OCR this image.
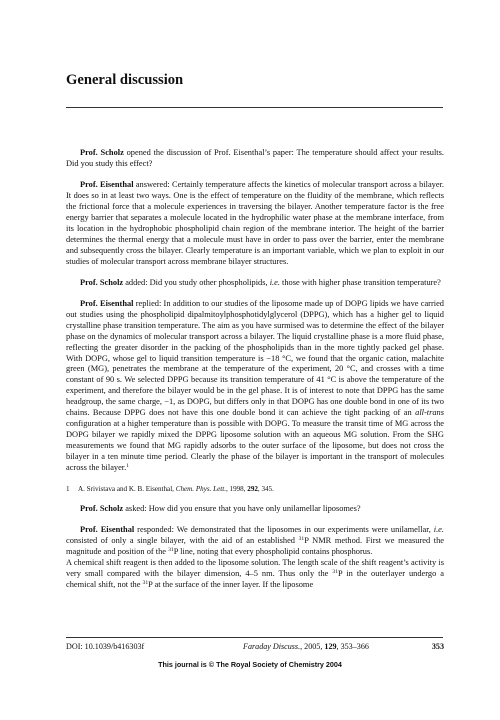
General discussion

Prof. Scholz opened the discussion of Prof. Eisenthal’s paper: The temperature should affect your results. Did you study this effect?

Prof. Eisenthal answered: Certainly temperature affects the kinetics of molecular transport across a bilayer. It does so in at least two ways. One is the effect of temperature on the fluidity of the membrane, which reflects the frictional force that a molecule experiences in traversing the bilayer. Another temperature factor is the free energy barrier that separates a molecule located in the hydrophilic water phase at the membrane interface, from its location in the hydrophobic phospholipid chain region of the membrane interior. The height of the barrier determines the thermal energy that a molecule must have in order to pass over the barrier, enter the membrane and subsequently cross the bilayer. Clearly temperature is an important variable, which we plan to exploit in our studies of molecular transport across membrane bilayer structures.

Prof. Scholz added: Did you study other phospholipids, i.e. those with higher phase transition temperature?

Prof. Eisenthal replied: In addition to our studies of the liposome made up of DOPG lipids we have carried out studies using the phospholipid dipalmitoylphosphotidylglycerol (DPPG), which has a higher gel to liquid crystalline phase transition temperature. The aim as you have surmised was to determine the effect of the bilayer phase on the dynamics of molecular transport across a bilayer. The liquid crystalline phase is a more fluid phase, reflecting the greater disorder in the packing of the phospholipids than in the more tightly packed gel phase. With DOPG, whose gel to liquid transition temperature is −18 °C, we found that the organic cation, malachite green (MG), penetrates the membrane at the temperature of the experiment, 20 °C, and crosses with a time constant of 90 s. We selected DPPG because its transition temperature of 41 °C is above the temperature of the experiment, and therefore the bilayer would be in the gel phase. It is of interest to note that DPPG has the same headgroup, the same charge, −1, as DOPG, but differs only in that DOPG has one double bond in one of its two chains. Because DPPG does not have this one double bond it can achieve the tight packing of an all-trans configuration at a higher temperature than is possible with DOPG. To measure the transit time of MG across the DOPG bilayer we rapidly mixed the DPPG liposome solution with an aqueous MG solution. From the SHG measurements we found that MG rapidly adsorbs to the outer surface of the liposome, but does not cross the bilayer in a ten minute time period. Clearly the phase of the bilayer is important in the transport of molecules across the bilayer.$^1$

1 A. Srivistava and K. B. Eisenthal, Chem. Phys. Lett., 1998, 292, 345.

Prof. Scholz asked: How did you ensure that you have only unilamellar liposomes?

Prof. Eisenthal responded: We demonstrated that the liposomes in our experiments were unilamellar, i.e. consisted of only a single bilayer, with the aid of an established $^{31}$P NMR method. First we measured the magnitude and position of the $^{31}$P line, noting that every phospholipid contains phosphorus.

A chemical shift reagent is then added to the liposome solution. The length scale of the shift reagent’s activity is very small compared with the bilayer dimension, 4–5 nm. Thus only the $^{31}$P in the outerlayer undergo a chemical shift, not the $^{31}$P at the surface of the inner layer. If the liposome

DOI: 10.1039/b416303f	Faraday Discuss., 2005, 129, 353–366	353
This journal is © The Royal Society of Chemistry 2004
